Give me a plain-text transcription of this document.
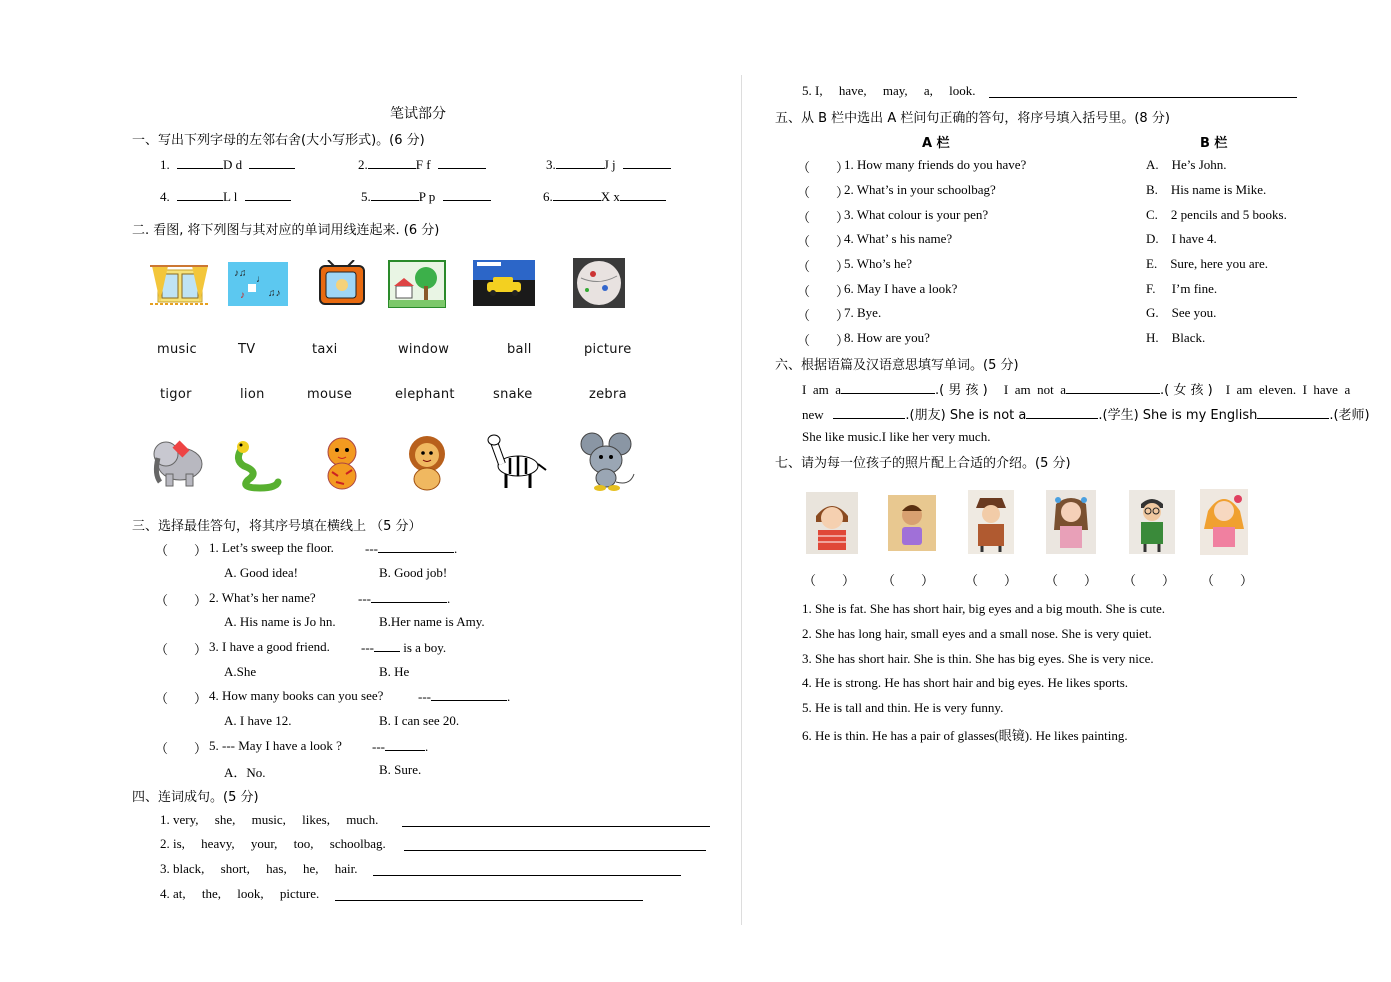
笔试部分
一、写出下列字母的左邻右舍(大小写形式)。(6 分)
1.	D d	2.	F f	3.	J j
4.	L l	5.	P p	6.	X x
二. 看图, 将下列图与其对应的单词用线连起来. (6 分)
♪♫
♩
♫♪
♪
music	TV	taxi	window	ball	picture
tigor	lion	mouse	elephant	snake	zebra
三、选择最佳答句，将其序号填在横线上 （5 分）
（　　） 1. Let’s sweep the floor. ---	.
A. Good idea!	B. Good job!
（　　） 2. What’s her name?	---	.
A. His name is Jo hn.	B.Her name is Amy.
（　　） 3. I have a good friend. --- is a boy.
A.She	B. He
（　　） 4. How many books can you see?	---	.
A. I have 12.	B. I can see 20.
（　　） 5. --- May I have a look ? ---	.
A．No.	B. Sure.
四、连词成句。(5 分)
1. very,     she,     music,     likes,     much.
2. is,     heavy,     your,     too,     schoolbag.
3. black,     short,     has,     he,     hair.
4. at,     the,     look,     picture.
5. I,     have,     may,     a,     look.
五、从 B 栏中选出 A 栏问句正确的答句，将序号填入括号里。(8 分)
A 栏	B 栏
（　　）
1. How many friends do you have?	A.    He’s John.
（　　）
2. What’s in your schoolbag?	B.    His name is Mike.
（　　）
3. What colour is your pen?	C.    2 pencils and 5 books.
（　　）
4. What’ s his name?	D.    I have 4.
（　　）
5. Who’s he?	E.    Sure, here you are.
（　　）
6. May I have a look?	F.     I’m fine.
（　　）
7. Bye.	G.    See you.
（　　）
8. How are you?	H.    Black.
六、根据语篇及汉语意思填写单词。(5 分)
I  am  a	.( 男 孩 ) I  am  not  a	.( 女 孩 ) I  am  eleven.  I  have  a
new	.(朋友) She is not a	.(学生) She is my English	.(老师)
She like music.I like her very much.
七、请为每一位孩子的照片配上合适的介绍。(5 分)
（　　） （　　） （　　） （　　） （　　） （　　）
1. She is fat. She has short hair, big eyes and a big mouth. She is cute.
2. She has long hair, small eyes and a small nose. She is very quiet.
3. She has short hair. She is thin. She has big eyes. She is very nice.
4. He is strong. He has short hair and big eyes. He likes sports.
5. He is tall and thin. He is very funny.
6. He is thin. He has a pair of glasses(眼镜). He likes painting.
